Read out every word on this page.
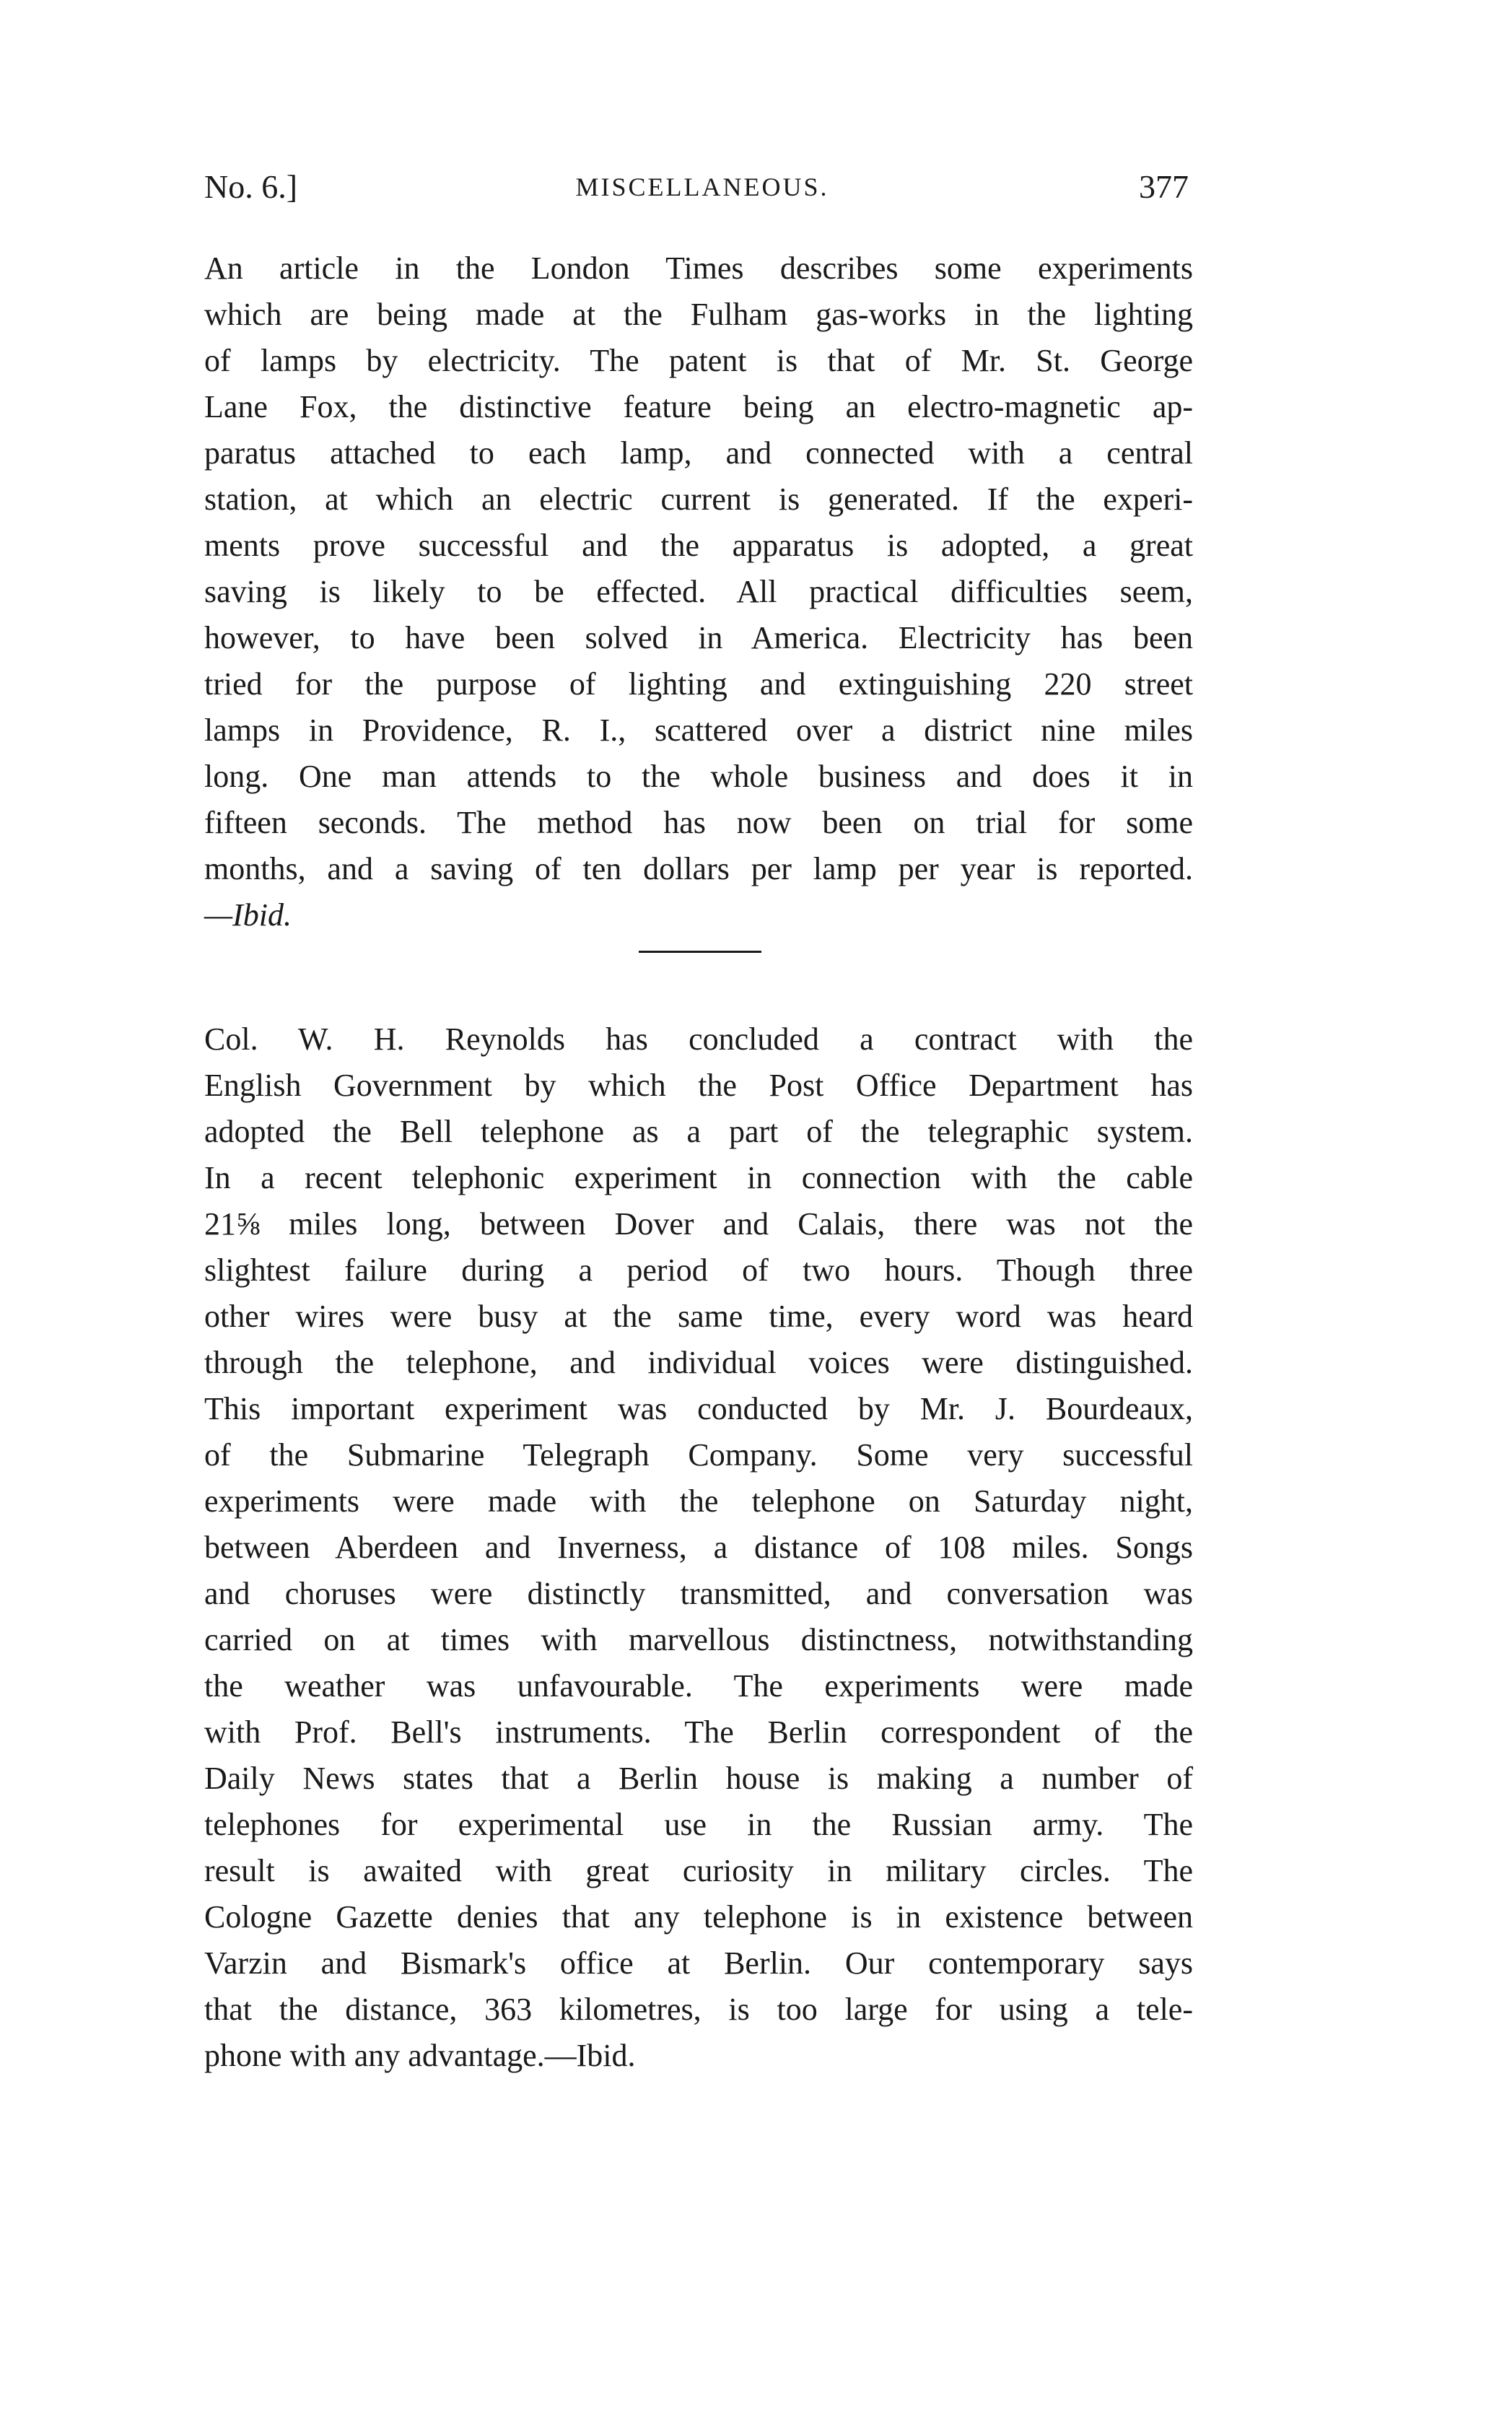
No. 6.]	MISCELLANEOUS.	377
An article in the London Times describes some experiments
which are being made at the Fulham gas-works in the lighting
of lamps by electricity. The patent is that of Mr. St. George
Lane Fox, the distinctive feature being an electro-magnetic ap-
paratus attached to each lamp, and connected with a central
station, at which an electric current is generated. If the experi-
ments prove successful and the apparatus is adopted, a great
saving is likely to be effected. All practical difficulties seem,
however, to have been solved in America. Electricity has been
tried for the purpose of lighting and extinguishing 220 street
lamps in Providence, R. I., scattered over a district nine miles
long. One man attends to the whole business and does it in
fifteen seconds. The method has now been on trial for some
months, and a saving of ten dollars per lamp per year is reported.
—Ibid.
Col. W. H. Reynolds has concluded a contract with the
English Government by which the Post Office Department has
adopted the Bell telephone as a part of the telegraphic system.
In a recent telephonic experiment in connection with the cable
21⅝ miles long, between Dover and Calais, there was not the
slightest failure during a period of two hours. Though three
other wires were busy at the same time, every word was heard
through the telephone, and individual voices were distinguished.
This important experiment was conducted by Mr. J. Bourdeaux,
of the Submarine Telegraph Company. Some very successful
experiments were made with the telephone on Saturday night,
between Aberdeen and Inverness, a distance of 108 miles. Songs
and choruses were distinctly transmitted, and conversation was
carried on at times with marvellous distinctness, notwithstanding
the weather was unfavourable. The experiments were made
with Prof. Bell's instruments. The Berlin correspondent of the
Daily News states that a Berlin house is making a number of
telephones for experimental use in the Russian army. The
result is awaited with great curiosity in military circles. The
Cologne Gazette denies that any telephone is in existence between
Varzin and Bismark's office at Berlin. Our contemporary says
that the distance, 363 kilometres, is too large for using a tele-
phone with any advantage.—Ibid.
